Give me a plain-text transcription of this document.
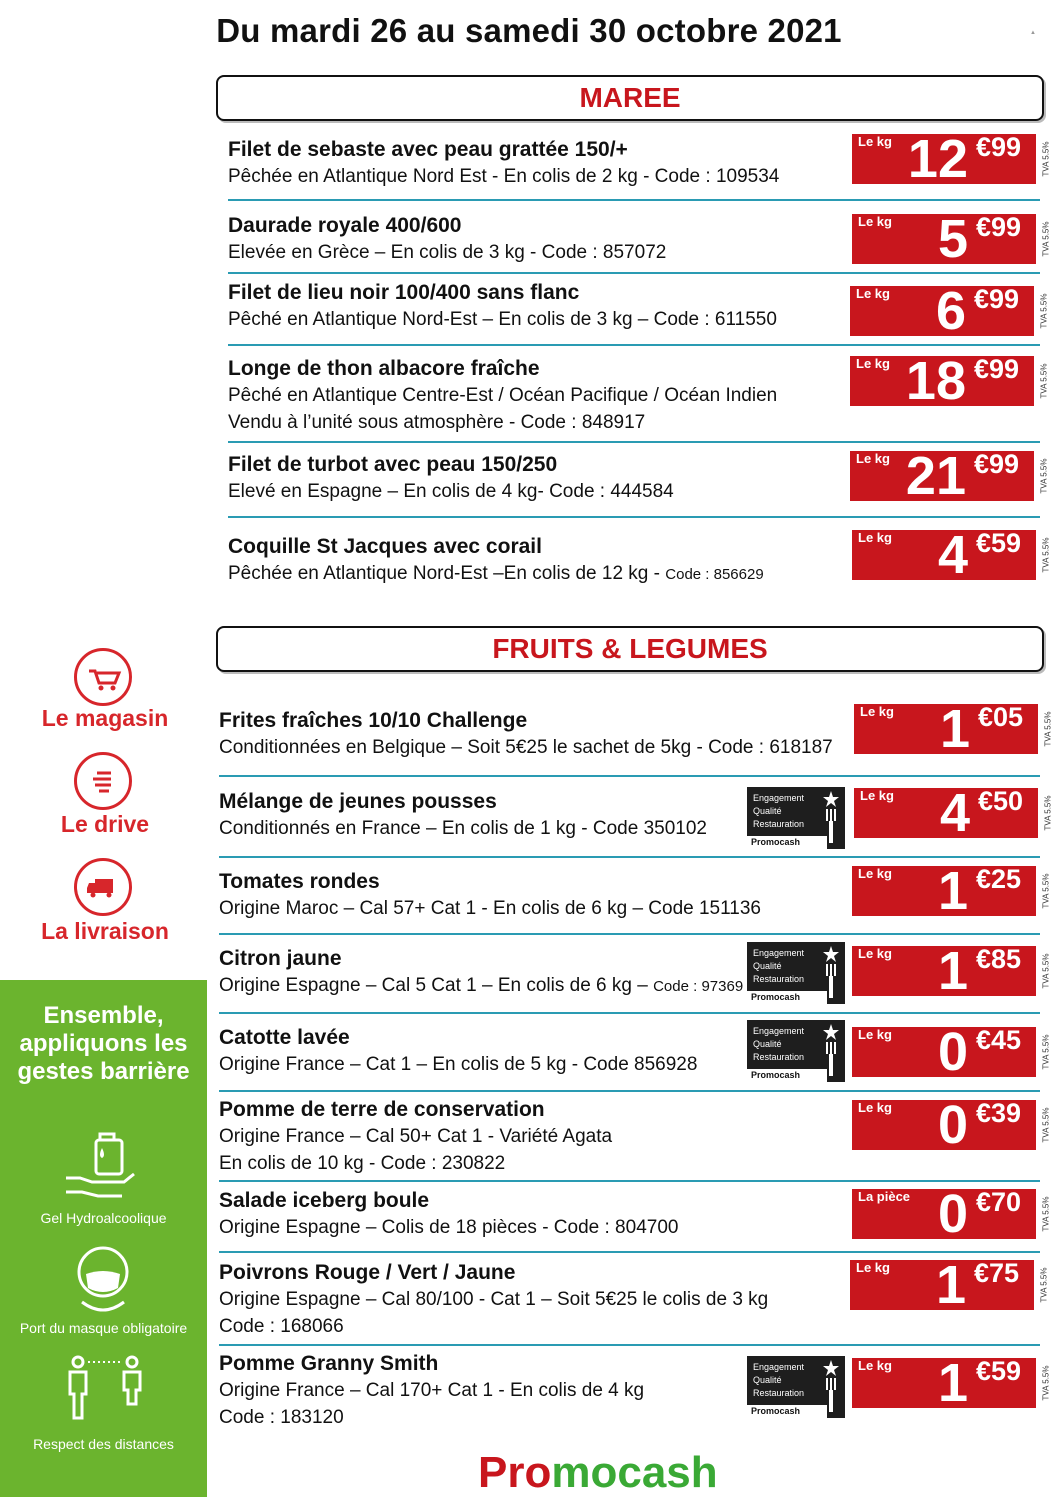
Du mardi 26 au samedi 30 octobre 2021	▲
MAREE
Filet de sebaste avec peau grattée 150/+
Pêchée en Atlantique Nord Est - En colis de 2 kg - Code : 109534
Le kg 12 €99	TVA 5.5%
Daurade royale 400/600
Elevée en Grèce – En colis de 3 kg - Code : 857072
Le kg 5 €99	TVA 5.5%
Filet de lieu noir 100/400 sans flanc
Pêché en Atlantique Nord-Est – En colis de 3 kg – Code : 611550
Le kg 6 €99	TVA 5.5%
Longe de thon albacore fraîche
Pêché en Atlantique Centre-Est / Océan Pacifique / Océan Indien
Vendu à l’unité sous atmosphère - Code : 848917
Le kg 18 €99	TVA 5.5%
Filet de turbot avec peau 150/250
Elevé en Espagne – En colis de 4 kg- Code : 444584
Le kg 21 €99	TVA 5.5%
Coquille St Jacques avec corail
Pêchée en Atlantique Nord-Est –En colis de 12 kg - Code : 856629
Le kg 4 €59	TVA 5.5%
FRUITS & LEGUMES
Frites fraîches 10/10 Challenge
Conditionnées en Belgique – Soit 5€25 le sachet de 5kg - Code : 618187
Le kg 1 €05	TVA 5.5%
Mélange de jeunes pousses
Conditionnés en France – En colis de 1 kg - Code 350102
Engagement
Qualité
Restauration
Promocash
Le kg 4 €50	TVA 5.5%
Tomates rondes
Origine Maroc – Cal 57+ Cat 1 - En colis de 6 kg – Code 151136
Le kg 1 €25	TVA 5.5%
Citron jaune
Origine Espagne – Cal 5 Cat 1 – En colis de 6 kg – Code : 97369
Engagement
Qualité
Restauration
Promocash
Le kg 1 €85	TVA 5.5%
Catotte lavée
Origine France – Cat 1 – En colis de 5 kg - Code 856928
Engagement
Qualité
Restauration
Promocash
Le kg 0 €45	TVA 5.5%
Pomme de terre de conservation
Origine France – Cal 50+ Cat 1 - Variété Agata
En colis de 10 kg - Code : 230822
Le kg 0 €39	TVA 5.5%
Salade iceberg boule
Origine Espagne – Colis de 18 pièces - Code : 804700
La pièce 0 €70	TVA 5.5%
Poivrons Rouge / Vert / Jaune
Origine Espagne – Cal 80/100 - Cat 1 – Soit 5€25 le colis de 3 kg
Code : 168066
Le kg 1 €75	TVA 5.5%
Pomme Granny Smith
Origine France – Cal 170+ Cat 1 - En colis de 4 kg
Code : 183120
Engagement
Qualité
Restauration
Promocash
Le kg 1 €59	TVA 5.5%
Le magasin
Le drive
La livraison
Ensemble, appliquons les gestes barrière
Gel Hydroalcoolique
Port du masque obligatoire
Respect des distances
Promocash
